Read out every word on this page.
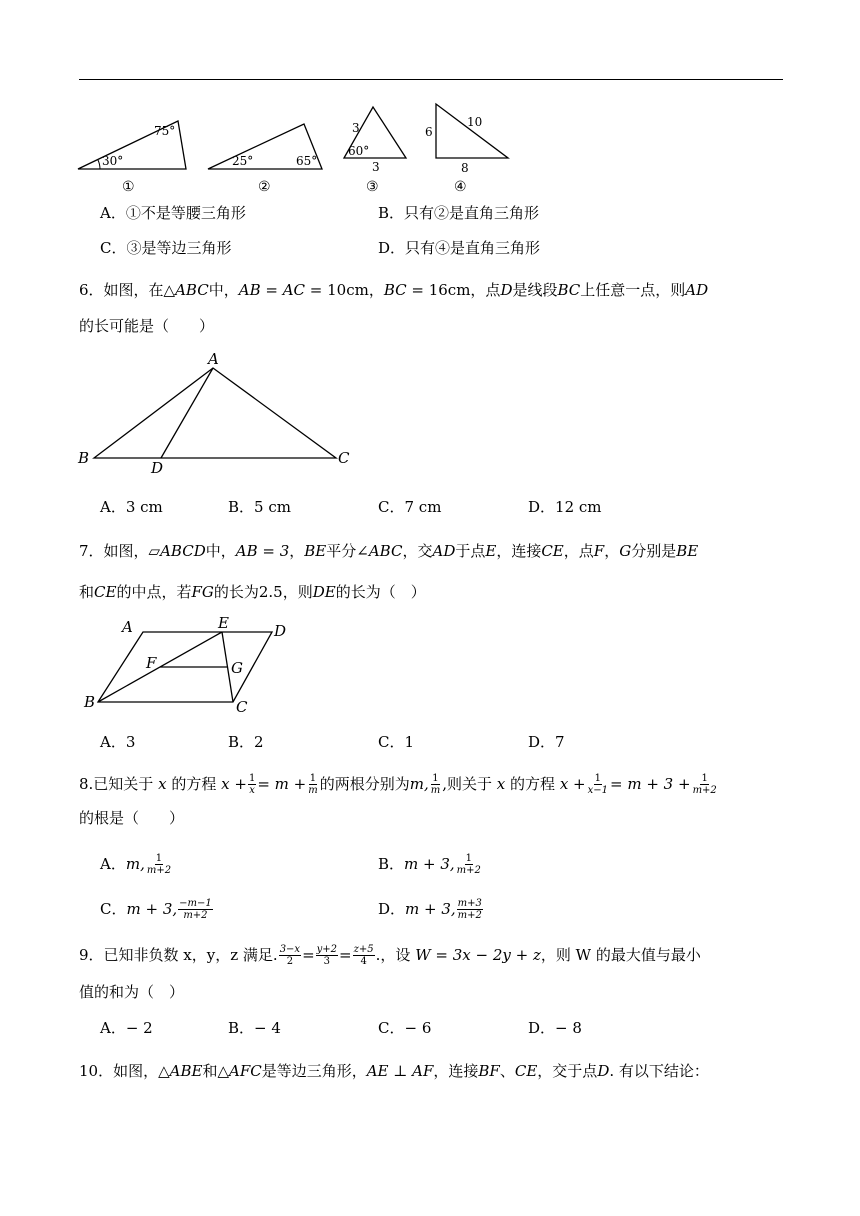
30°
75°
①
25°	65°
②
3
60°
3
③
6
10
8
④
A．①不是等腰三角形	B．只有②是直角三角形
C．③是等边三角形	D．只有④是直角三角形
6．如图，在△ABC中，AB = AC = 10cm，BC = 16cm，点D是线段BC上任意一点，则AD
的长可能是（　　）
A
B	C
D
A．3 cm	B．5 cm	C．7 cm	D．12 cm
7．如图，▱ABCD中，AB = 3，BE平分∠ABC，交AD于点E，连接CE，点F，G分别是BE
和CE的中点，若FG的长为2.5，则DE的长为（　）
A
B	C
D
E
F	G
A．3	B．2	C．1	D．7
8.已知关于
x
的方程 $x + \frac{1}{x} = m + \frac{1}{m}$ 的两根分别为 m, $\frac{1}{m}$ , 则关于
x
的方程 $x + \frac{1}{x-1} = m + 3 + \frac{1}{m+2}$
的根是（　　）
A． m, $\frac{1}{m+2}$	B． m + 3, $\frac{1}{m+2}$
C． m + 3, $\frac{-m-1}{m+2}$	D． m + 3, $\frac{m+3}{m+2}$
9．已知非负数 x，y，z 满足. $\frac{3-x}{2} = \frac{y+2}{3} = \frac{z+5}{4}$ .，设
W = 3x − 2y + z ，则 W 的最大值与最小
值的和为（　）
A．− 2	B．− 4	C．− 6	D．− 8
10．如图，△ABE和△AFC是等边三角形，AE ⊥ AF，连接BF、CE，交于点D. 有以下结论：
